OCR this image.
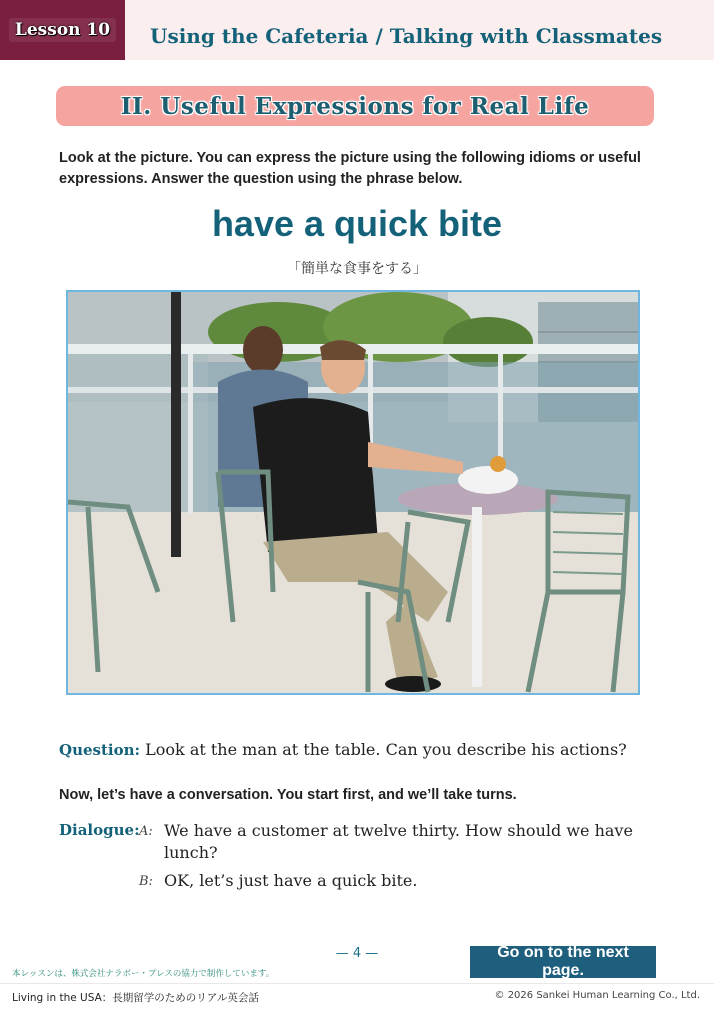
Lesson 10	Using the Cafeteria / Talking with Classmates
II. Useful Expressions for Real Life
Look at the picture. You can express the picture using the following idioms or useful expressions. Answer the question using the phrase below.
have a quick bite
「簡単な食事をする」
Question: Look at the man at the table. Can you describe his actions?
Now, let’s have a conversation. You start first, and we’ll take turns.
Dialogue: A: We have a customer at twelve thirty. How should we have
lunch?
B: OK, let’s just have a quick bite.
— 4 —	Go on to the next page.
本レッスンは、株式会社ナラボー・プレスの協力で制作しています。
Living in the USA：長期留学のためのリアル英会話	© 2026 Sankei Human Learning Co., Ltd.
